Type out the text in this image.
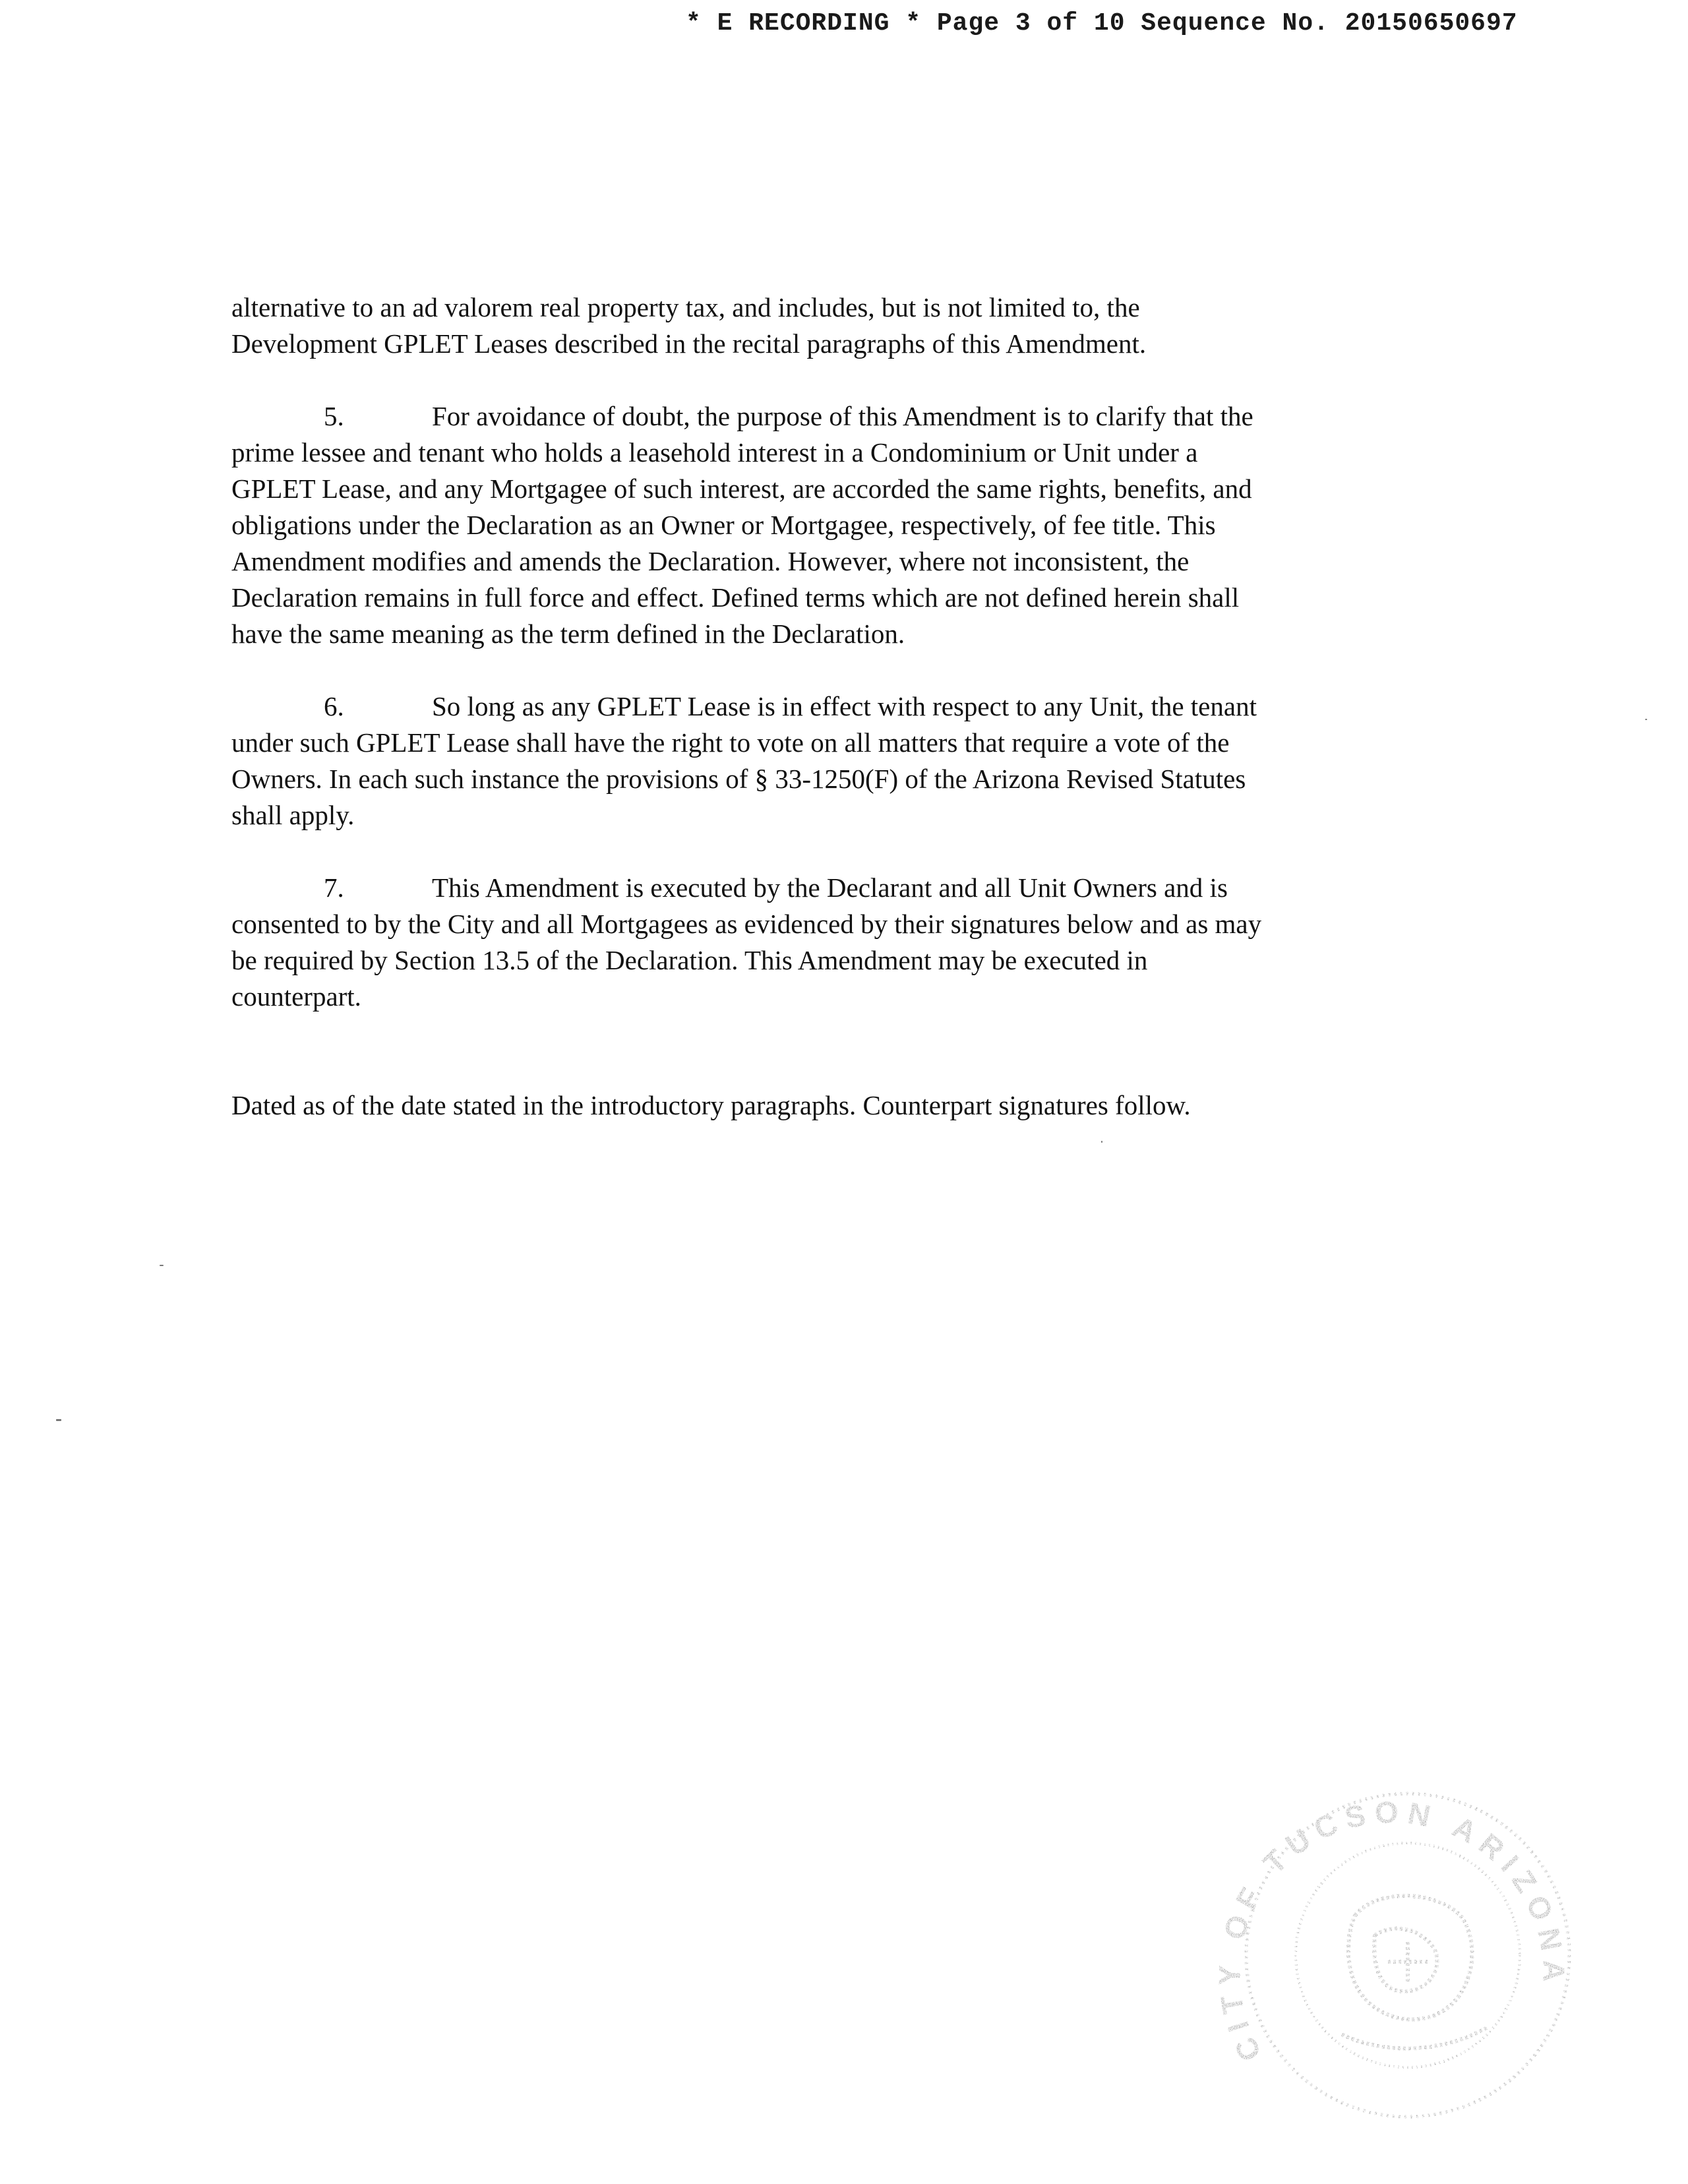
* E RECORDING * Page 3 of 10 Sequence No. 20150650697

alternative to an ad valorem real property tax, and includes, but is not limited to, the
Development GPLET Leases described in the recital paragraphs of this Amendment.

5.	For avoidance of doubt, the purpose of this Amendment is to clarify that the
prime lessee and tenant who holds a leasehold interest in a Condominium or Unit under a
GPLET Lease, and any Mortgagee of such interest, are accorded the same rights, benefits, and
obligations under the Declaration as an Owner or Mortgagee, respectively, of fee title. This
Amendment modifies and amends the Declaration. However, where not inconsistent, the
Declaration remains in full force and effect. Defined terms which are not defined herein shall
have the same meaning as the term defined in the Declaration.

6.	So long as any GPLET Lease is in effect with respect to any Unit, the tenant
under such GPLET Lease shall have the right to vote on all matters that require a vote of the
Owners. In each such instance the provisions of § 33-1250(F) of the Arizona Revised Statutes
shall apply.

7.	This Amendment is executed by the Declarant and all Unit Owners and is
consented to by the City and all Mortgagees as evidenced by their signatures below and as may
be required by Section 13.5 of the Declaration. This Amendment may be executed in
counterpart.

Dated as of the date stated in the introductory paragraphs. Counterpart signatures follow.

CITY OF TUCSON ARIZONA
